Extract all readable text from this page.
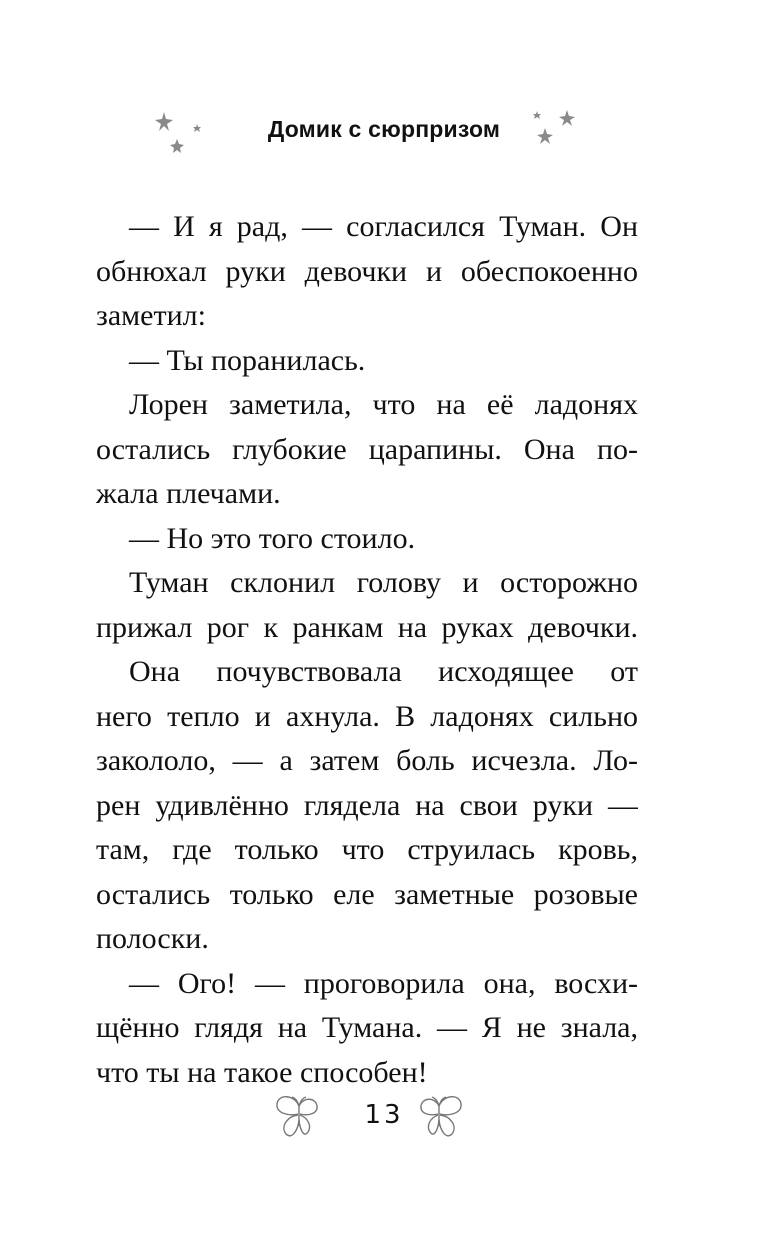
Домик с сюрпризом
— И я рад, — согласился Туман. Он
обнюхал руки девочки и обеспокоенно
заметил:
— Ты поранилась.
Лорен заметила, что на её ладонях
остались глубокие царапины. Она по-
жала плечами.
— Но это того стоило.
Туман склонил голову и осторожно
прижал рог к ранкам на руках девочки.
Она почувствовала исходящее от
него тепло и ахнула. В ладонях сильно
закололо, — а затем боль исчезла. Ло-
рен удивлённо глядела на свои руки —
там, где только что струилась кровь,
остались только еле заметные розовые
полоски.
— Ого! — проговорила она, восхи-
щённо глядя на Тумана. — Я не знала,
что ты на такое способен!
13
